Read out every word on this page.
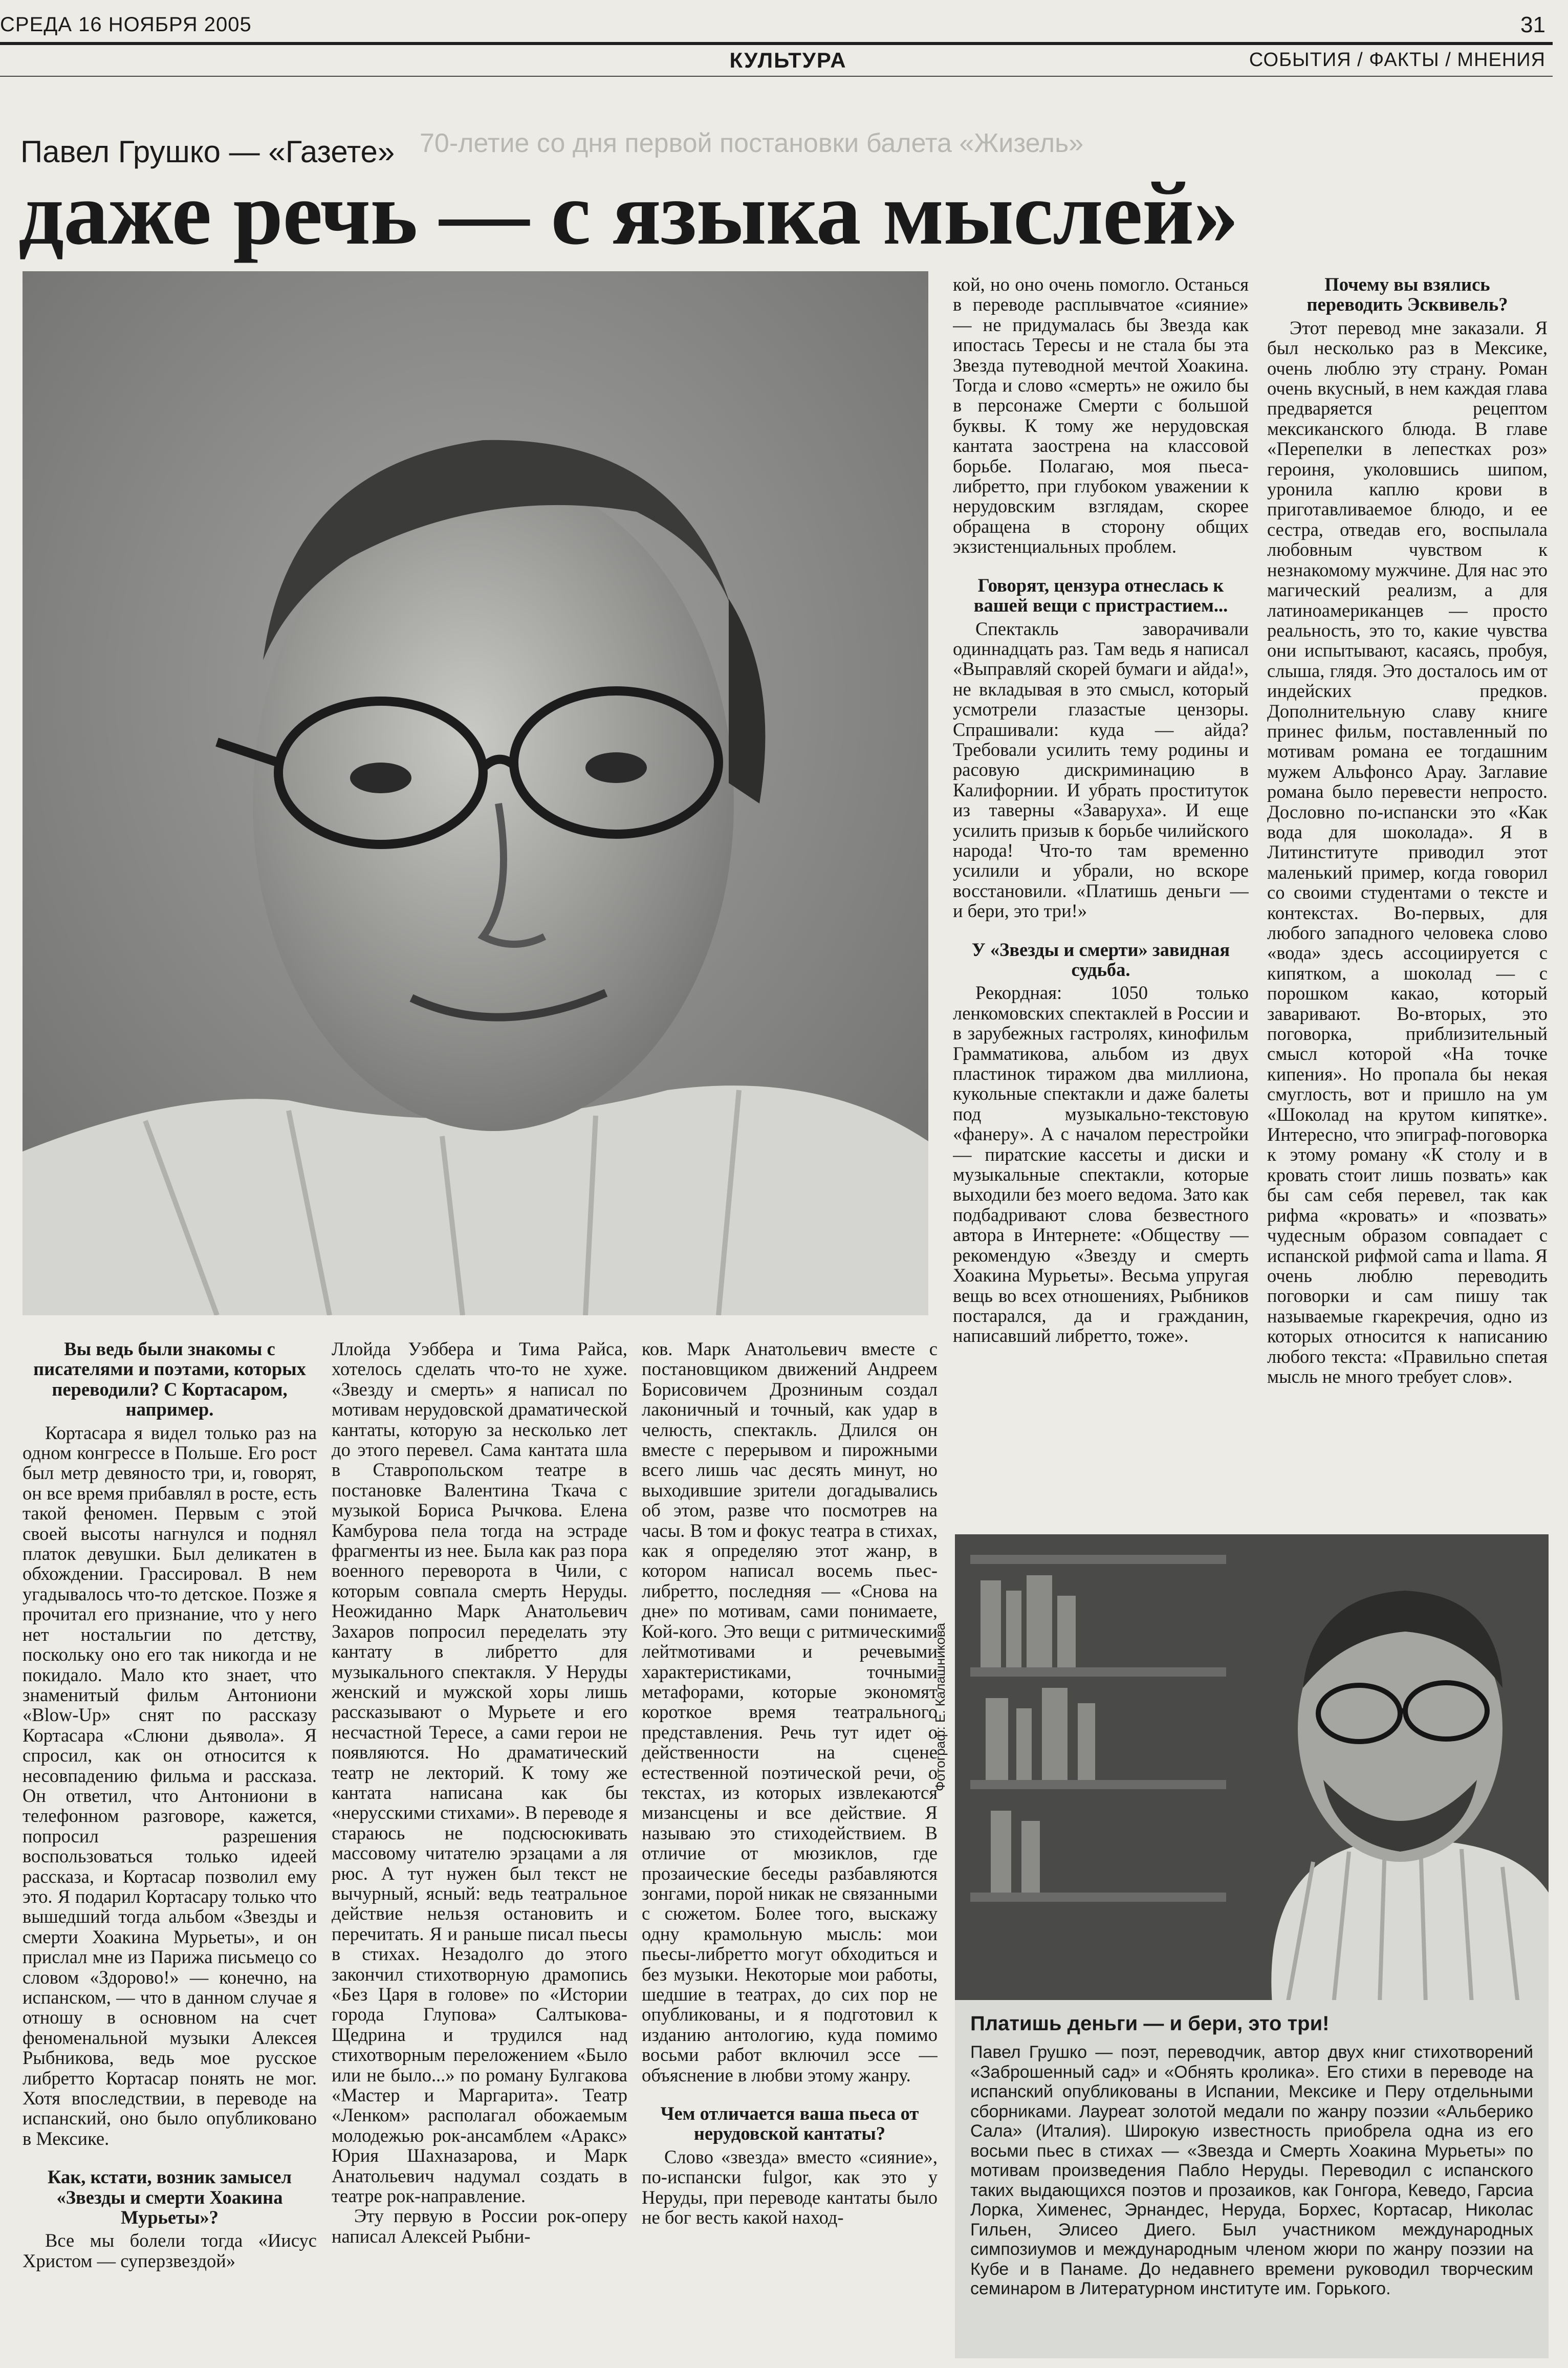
СРЕДА 16 НОЯБРЯ 2005	31
КУЛЬТУРА	СОБЫТИЯ / ФАКТЫ / МНЕНИЯ
70-летие со дня первой постановки балета «Жизель»
Павел Грушко — «Газете»
даже речь — с языка мыслей»
Фотограф: Е. Калашникова

Вы ведь были знакомы с писателями и поэтами, которых переводили? С Кортасаром, например.

Кортасара я видел только раз на одном конгрессе в Польше. Его рост был метр девяносто три, и, говорят, он все время прибавлял в росте, есть такой феномен. Первым с этой своей высоты нагнулся и поднял платок девушки. Был деликатен в обхождении. Грассировал. В нем угадывалось что-то детское. Позже я прочитал его признание, что у него нет ностальгии по детству, поскольку оно его так никогда и не покидало. Мало кто знает, что знаменитый фильм Антониони «Blow-Up» снят по рассказу Кортасара «Слюни дьявола». Я спросил, как он относится к несовпадению фильма и рассказа. Он ответил, что Антониони в телефонном разговоре, кажется, попросил разрешения воспользоваться только идеей рассказа, и Кортасар позволил ему это. Я подарил Кортасару только что вышедший тогда альбом «Звезды и смерти Хоакина Мурьеты», и он прислал мне из Парижа письмецо со словом «Здорово!» — конечно, на испанском, — что в данном случае я отношу в основном на счет феноменальной музыки Алексея Рыбникова, ведь мое русское либретто Кортасар понять не мог. Хотя впоследствии, в переводе на испанский, оно было опубликовано в Мексике.

Как, кстати, возник замысел «Звезды и смерти Хоакина Мурьеты»?

Все мы болели тогда «Иисус Христом — суперзвездой»

Ллойда Уэббера и Тима Райса, хотелось сделать что-то не хуже. «Звезду и смерть» я написал по мотивам нерудовской драматической кантаты, которую за несколько лет до этого перевел. Сама кантата шла в Ставропольском театре в постановке Валентина Ткача с музыкой Бориса Рычкова. Елена Камбурова пела тогда на эстраде фрагменты из нее. Была как раз пора военного переворота в Чили, с которым совпала смерть Неруды. Неожиданно Марк Анатольевич Захаров попросил переделать эту кантату в либретто для музыкального спектакля. У Неруды женский и мужской хоры лишь рассказывают о Мурьете и его несчастной Тересе, а сами герои не появляются. Но драматический театр не лекторий. К тому же кантата написана как бы «нерусскими стихами». В переводе я стараюсь не подсюсюкивать массовому читателю эрзацами а ля рюс. А тут нужен был текст не вычурный, ясный: ведь театральное действие нельзя остановить и перечитать. Я и раньше писал пьесы в стихах. Незадолго до этого закончил стихотворную драмопись «Без Царя в голове» по «Истории города Глупова» Салтыкова-Щедрина и трудился над стихотворным переложением «Было или не было...» по роману Булгакова «Мастер и Маргарита». Театр «Ленком» располагал обожаемым молодежью рок-ансамблем «Аракс» Юрия Шахназарова, и Марк Анатольевич надумал создать в театре рок-направление.

Эту первую в России рок-оперу написал Алексей Рыбни-

ков. Марк Анатольевич вместе с постановщиком движений Андреем Борисовичем Дрозниным создал лаконичный и точный, как удар в челюсть, спектакль. Длился он вместе с перерывом и пирожными всего лишь час десять минут, но выходившие зрители догадывались об этом, разве что посмотрев на часы. В том и фокус театра в стихах, как я определяю этот жанр, в котором написал восемь пьес-либретто, последняя — «Снова на дне» по мотивам, сами понимаете, Кой-кого. Это вещи с ритмическими лейтмотивами и речевыми характеристиками, точными метафорами, которые экономят короткое время театрального представления. Речь тут идет о действенности на сцене естественной поэтической речи, о текстах, из которых извлекаются мизансцены и все действие. Я называю это стиходействием. В отличие от мюзиклов, где прозаические беседы разбавляются зонгами, порой никак не связанными с сюжетом. Более того, выскажу одну крамольную мысль: мои пьесы-либретто могут обходиться и без музыки. Некоторые мои работы, шедшие в театрах, до сих пор не опубликованы, и я подготовил к изданию антологию, куда помимо восьми работ включил эссе — объяснение в любви этому жанру.

Чем отличается ваша пьеса от нерудовской кантаты?

Слово «звезда» вместо «сияние», по-испански fulgor, как это у Неруды, при переводе кантаты было не бог весть какой наход-

кой, но оно очень помогло. Останься в переводе расплывчатое «сияние» — не придумалась бы Звезда как ипостась Тересы и не стала бы эта Звезда путеводной мечтой Хоакина. Тогда и слово «смерть» не ожило бы в персонаже Смерти с большой буквы. К тому же нерудовская кантата заострена на классовой борьбе. Полагаю, моя пьеса-либретто, при глубоком уважении к нерудовским взглядам, скорее обращена в сторону общих экзистенциальных проблем.

Говорят, цензура отнеслась к вашей вещи с пристрастием...

Спектакль заворачивали одиннадцать раз. Там ведь я написал «Выправляй скорей бумаги и айда!», не вкладывая в это смысл, который усмотрели глазастые цензоры. Спрашивали: куда — айда? Требовали усилить тему родины и расовую дискриминацию в Калифорнии. И убрать проституток из таверны «Заваруха». И еще усилить призыв к борьбе чилийского народа! Что-то там временно усилили и убрали, но вскоре восстановили. «Платишь деньги — и бери, это три!»

У «Звезды и смерти» завидная судьба.

Рекордная: 1050 только ленкомовских спектаклей в России и в зарубежных гастролях, кинофильм Грамматикова, альбом из двух пластинок тиражом два миллиона, кукольные спектакли и даже балеты под музыкально-текстовую «фанеру». А с началом перестройки — пиратские кассеты и диски и музыкальные спектакли, которые выходили без моего ведома. Зато как подбадривают слова безвестного автора в Интернете: «Обществу — рекомендую «Звезду и смерть Хоакина Мурьеты». Весьма упругая вещь во всех отношениях, Рыбников постарался, да и гражданин, написавший либретто, тоже».

Почему вы взялись переводить Эсквивель?

Этот перевод мне заказали. Я был несколько раз в Мексике, очень люблю эту страну. Роман очень вкусный, в нем каждая глава предваряется рецептом мексиканского блюда. В главе «Перепелки в лепестках роз» героиня, уколовшись шипом, уронила каплю крови в приготавливаемое блюдо, и ее сестра, отведав его, воспылала любовным чувством к незнакомому мужчине. Для нас это магический реализм, а для латиноамериканцев — просто реальность, это то, какие чувства они испытывают, касаясь, пробуя, слыша, глядя. Это досталось им от индейских предков. Дополнительную славу книге принес фильм, поставленный по мотивам романа ее тогдашним мужем Альфонсо Арау. Заглавие романа было перевести непросто. Дословно по-испански это «Как вода для шоколада». Я в Литинституте приводил этот маленький пример, когда говорил со своими студентами о тексте и контекстах. Во-первых, для любого западного человека слово «вода» здесь ассоциируется с кипятком, а шоколад — с порошком какао, который заваривают. Во-вторых, это поговорка, приблизительный смысл которой «На точке кипения». Но пропала бы некая смуглость, вот и пришло на ум «Шоколад на крутом кипятке». Интересно, что эпиграф-поговорка к этому роману «К столу и в кровать стоит лишь позвать» как бы сам себя перевел, так как рифма «кровать» и «позвать» чудесным образом совпадает с испанской рифмой cama и llama. Я очень люблю переводить поговорки и сам пишу так называемые гкарекречия, одно из которых относится к написанию любого текста: «Правильно спетая мысль не много требует слов».

Платишь деньги — и бери, это три!
Павел Грушко — поэт, переводчик, автор двух книг стихотворений «Заброшенный сад» и «Обнять кролика». Его стихи в переводе на испанский опубликованы в Испании, Мексике и Перу отдельными сборниками. Лауреат золотой медали по жанру поэзии «Альберико Сала» (Италия). Широкую известность приобрела одна из его восьми пьес в стихах — «Звезда и Смерть Хоакина Мурьеты» по мотивам произведения Пабло Неруды. Переводил с испанского таких выдающихся поэтов и прозаиков, как Гонгора, Кеведо, Гарсиа Лорка, Хименес, Эрнандес, Неруда, Борхес, Кортасар, Николас Гильен, Элисео Диего. Был участником международных симпозиумов и международным членом жюри по жанру поэзии на Кубе и в Панаме. До недавнего времени руководил творческим семинаром в Литературном институте им. Горького.
